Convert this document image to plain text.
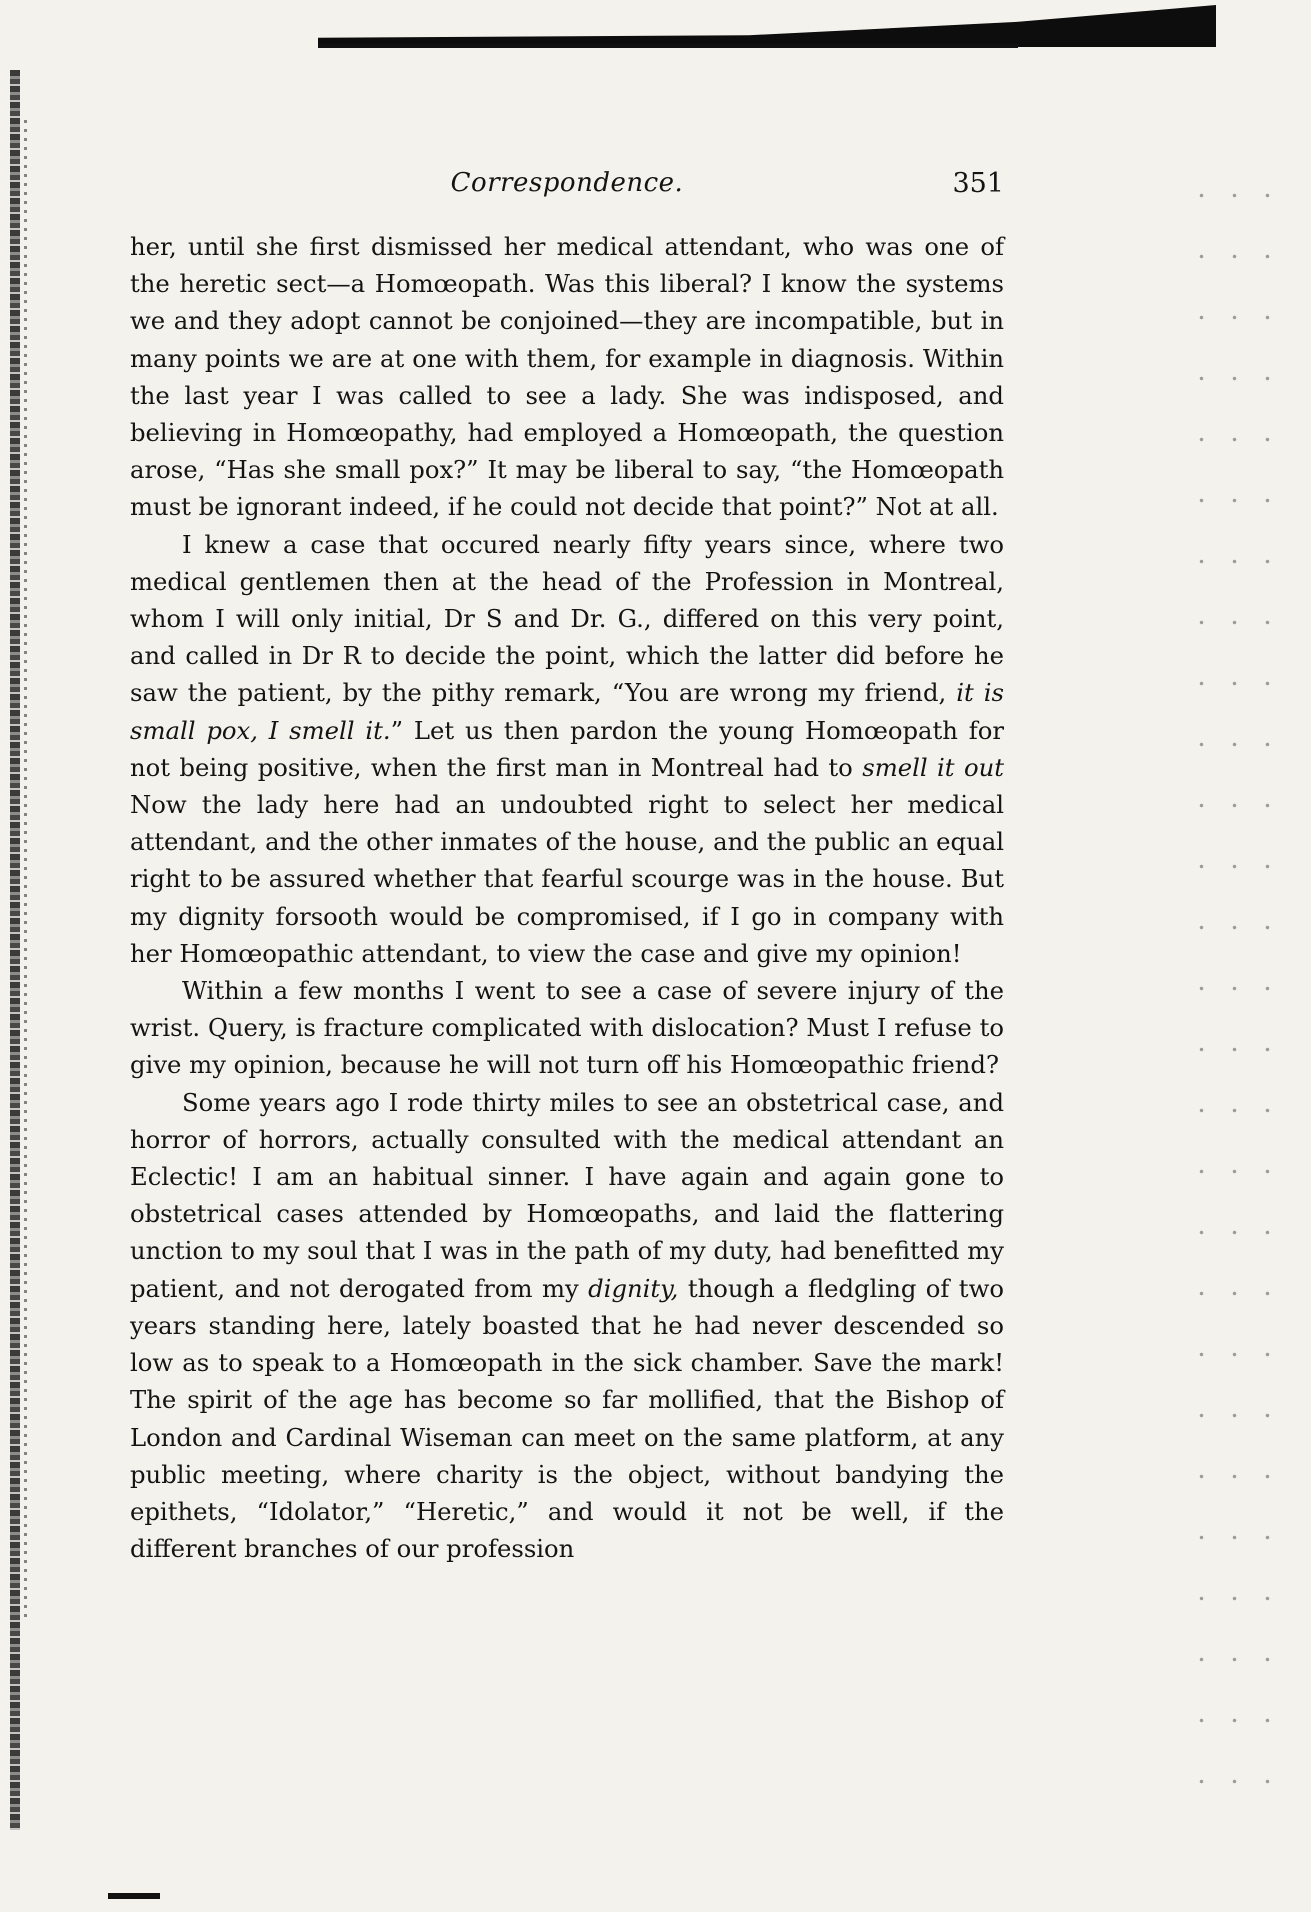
Correspondence.	351

her, until she first dismissed her medical attendant, who was one of the heretic sect—a Homœopath. Was this liberal? I know the systems we and they adopt cannot be conjoined—they are incompatible, but in many points we are at one with them, for example in diagnosis. Within the last year I was called to see a lady. She was indisposed, and believing in Homœopathy, had employed a Homœopath, the question arose, “Has she small pox?” It may be liberal to say, “the Homœopath must be ignorant indeed, if he could not decide that point?” Not at all.

I knew a case that occured nearly fifty years since, where two medical gentlemen then at the head of the Profession in Montreal, whom I will only initial, Dr S and Dr. G., differed on this very point, and called in Dr R to decide the point, which the latter did before he saw the patient, by the pithy remark, “You are wrong my friend, it is small pox, I smell it.” Let us then pardon the young Homœopath for not being positive, when the first man in Montreal had to smell it out Now the lady here had an undoubted right to select her medical attendant, and the other inmates of the house, and the public an equal right to be assured whether that fearful scourge was in the house. But my dignity forsooth would be compromised, if I go in company with her Homœopathic attendant, to view the case and give my opinion!

Within a few months I went to see a case of severe injury of the wrist. Query, is fracture complicated with dislocation? Must I refuse to give my opinion, because he will not turn off his Homœopathic friend?

Some years ago I rode thirty miles to see an obstetrical case, and horror of horrors, actually consulted with the medical attendant an Eclectic! I am an habitual sinner. I have again and again gone to obstetrical cases attended by Homœopaths, and laid the flattering unction to my soul that I was in the path of my duty, had benefitted my patient, and not derogated from my dignity, though a fledgling of two years standing here, lately boasted that he had never descended so low as to speak to a Homœopath in the sick chamber. Save the mark! The spirit of the age has become so far mollified, that the Bishop of London and Cardinal Wiseman can meet on the same platform, at any public meeting, where charity is the object, without bandying the epithets, “Idolator,” “Heretic,” and would it not be well, if the different branches of our profession
